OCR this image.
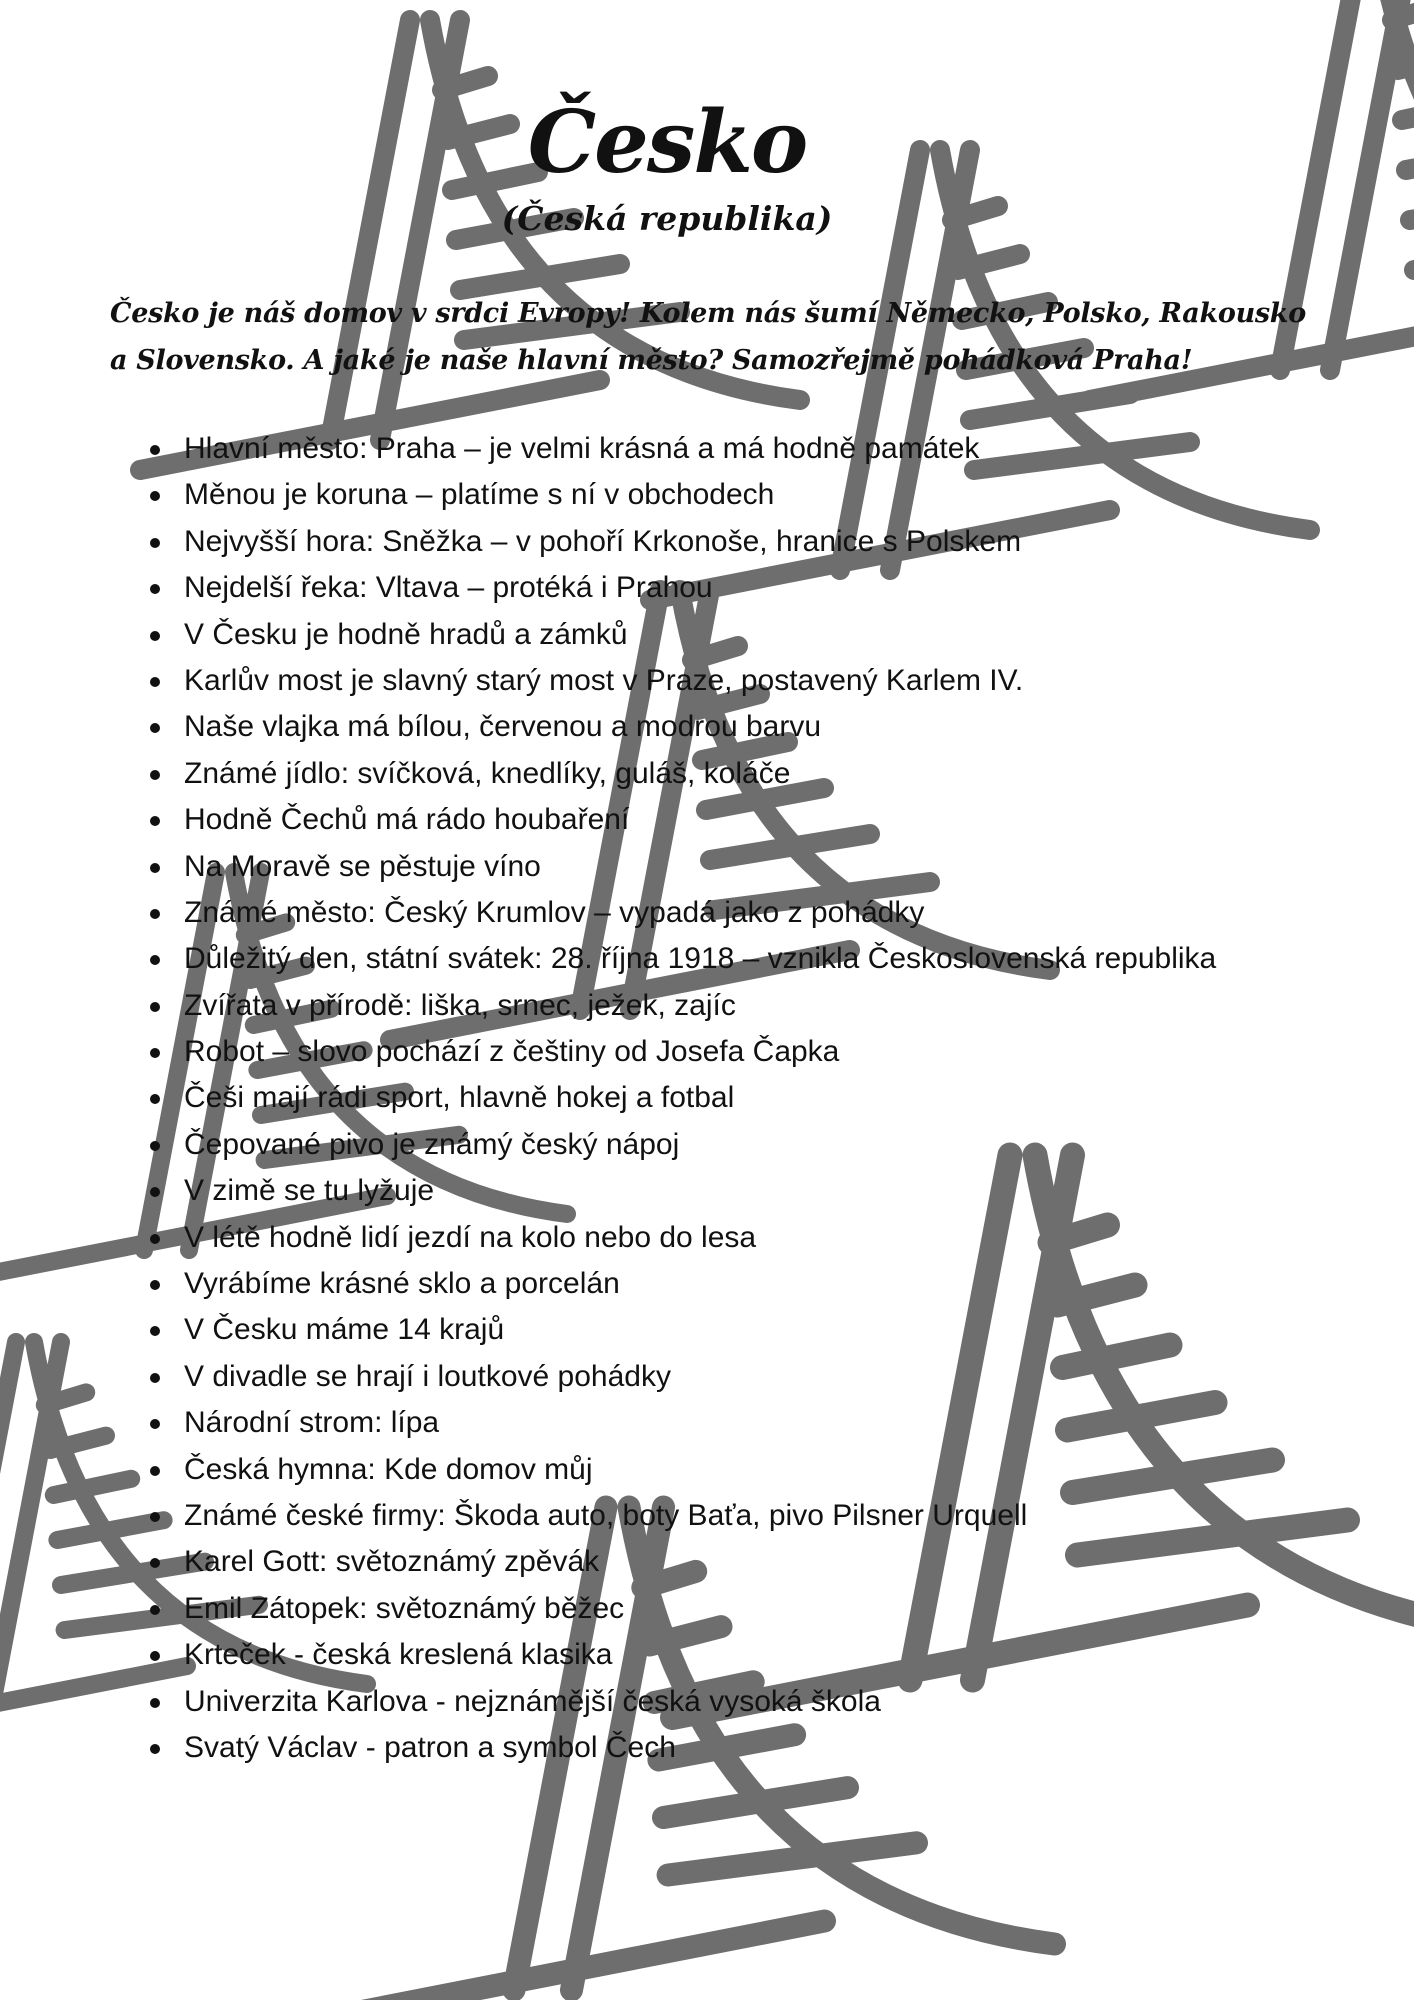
Česko
(Česká republika)

Česko je náš domov v srdci Evropy! Kolem nás šumí Německo, Polsko, Rakousko a Slovensko. A jaké je naše hlavní město? Samozřejmě pohádková Praha!

Hlavní město: Praha – je velmi krásná a má hodně památek
Měnou je koruna – platíme s ní v obchodech
Nejvyšší hora: Sněžka – v pohoří Krkonoše, hranice s Polskem
Nejdelší řeka: Vltava – protéká i Prahou
V Česku je hodně hradů a zámků
Karlův most je slavný starý most v Praze, postavený Karlem IV.
Naše vlajka má bílou, červenou a modrou barvu
Známé jídlo: svíčková, knedlíky, guláš, koláče
Hodně Čechů má rádo houbaření
Na Moravě se pěstuje víno
Známé město: Český Krumlov – vypadá jako z pohádky
Důležitý den, státní svátek: 28. října 1918 – vznikla Československá republika
Zvířata v přírodě: liška, srnec, ježek, zajíc
Robot – slovo pochází z češtiny od Josefa Čapka
Češi mají rádi sport, hlavně hokej a fotbal
Čepované pivo je známý český nápoj
V zimě se tu lyžuje
V létě hodně lidí jezdí na kolo nebo do lesa
Vyrábíme krásné sklo a porcelán
V Česku máme 14 krajů
V divadle se hrají i loutkové pohádky
Národní strom: lípa
Česká hymna: Kde domov můj
Známé české firmy: Škoda auto, boty Baťa, pivo Pilsner Urquell
Karel Gott: světoznámý zpěvák
Emil Zátopek: světoznámý běžec
Krteček - česká kreslená klasika
Univerzita Karlova - nejznámější česká vysoká škola
Svatý Václav - patron a symbol Čech
